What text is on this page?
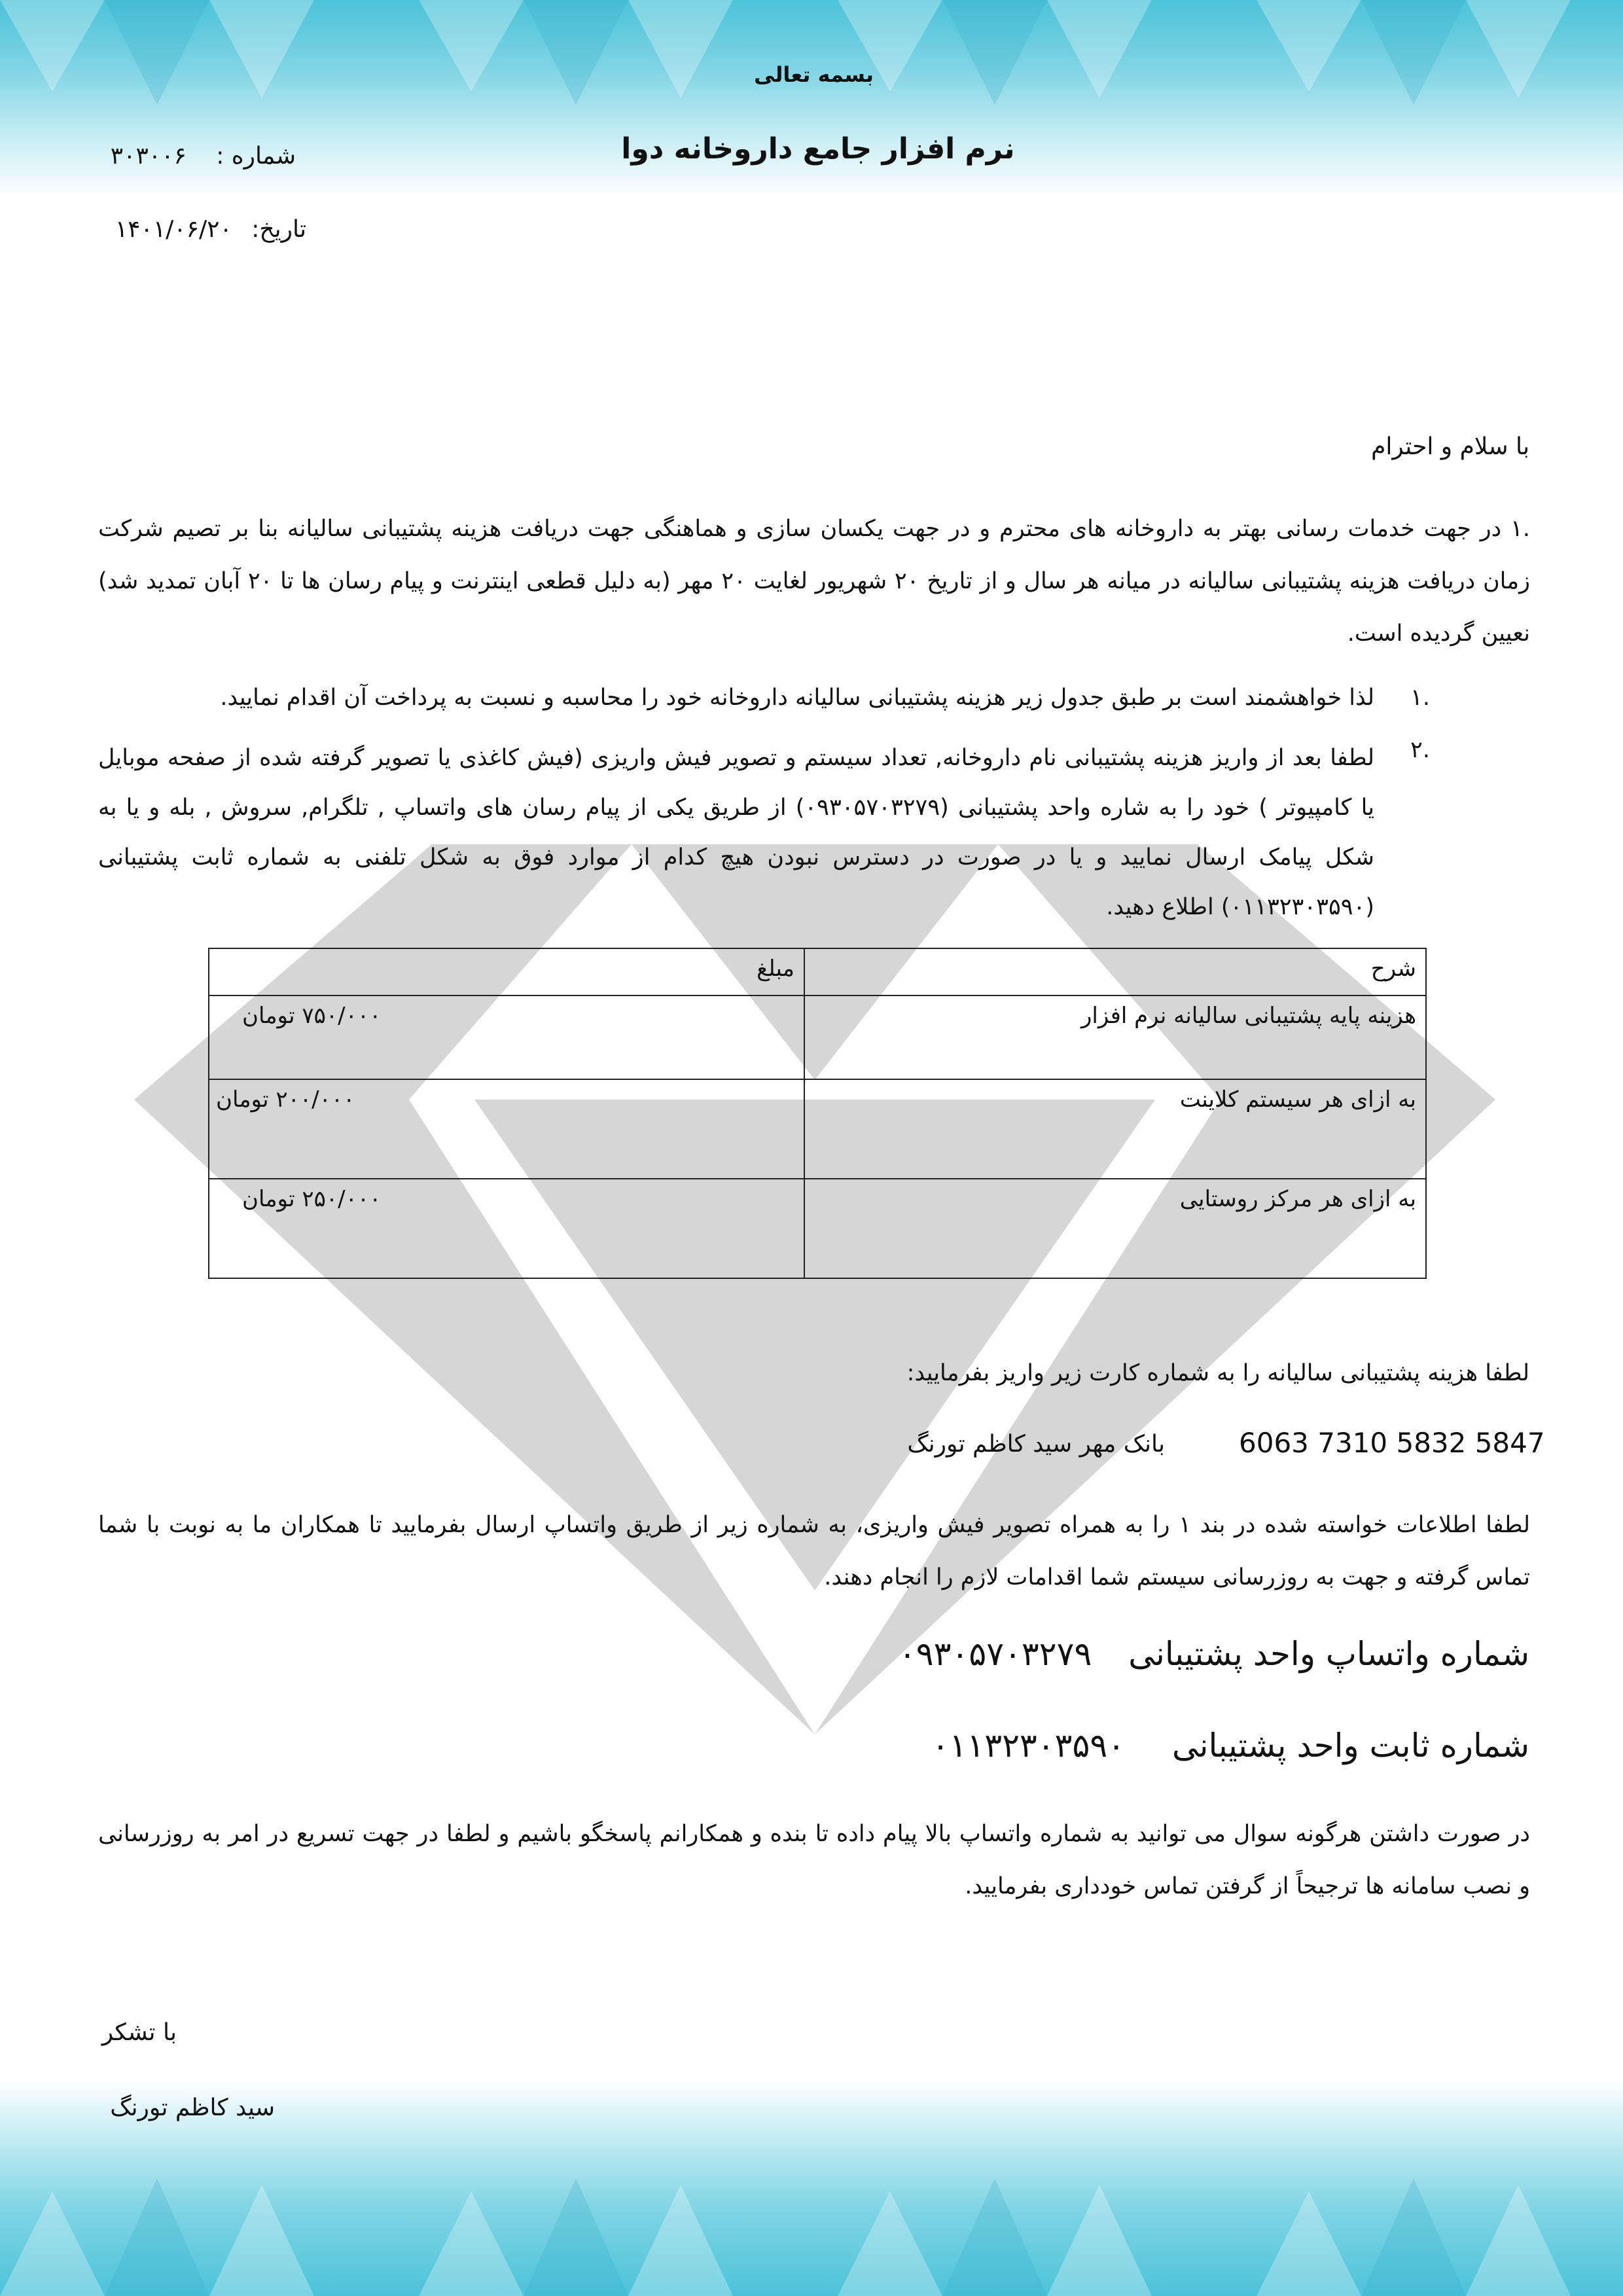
بسمه تعالی
نرم افزار جامع داروخانه دوا
شماره : ۳۰۳۰۰۶
تاریخ: ۱۴۰۱/۰۶/۲۰
با سلام و احترام
.۱ در جهت خدمات رسانی بهتر به داروخانه های محترم و در جهت یکسان سازی و هماهنگی جهت دریافت هزینه پشتیبانی سالیانه بنا بر تصیم شرکت زمان دریافت هزینه پشتیبانی سالیانه در میانه هر سال و از تاریخ ۲۰ شهریور لغایت ۲۰ مهر (به دلیل قطعی اینترنت و پیام رسان ها تا ۲۰ آبان تمدید شد) نعیین گردیده است.
.۱
لذا خواهشمند است بر طبق جدول زیر هزینه پشتیبانی سالیانه داروخانه خود را محاسبه و نسبت به پرداخت آن اقدام نمایید.
.۲
لطفا بعد از واریز هزینه پشتیبانی نام داروخانه, تعداد سیستم و تصویر فیش واریزی (فیش کاغذی یا تصویر گرفته شده از صفحه موبایل یا کامپیوتر ) خود را به شاره واحد پشتیبانی (۰۹۳۰۵۷۰۳۲۷۹) از طریق یکی از پیام رسان های واتساپ , تلگرام, سروش , بله و یا به شکل پیامک ارسال نمایید و یا در صورت در دسترس نبودن هیچ کدام از موارد فوق به شکل تلفنی به شماره ثابت پشتیبانی (۰۱۱۳۲۳۰۳۵۹۰) اطلاع دهید.
شرح	مبلغ
هزینه پایه پشتیبانی سالیانه نرم افزار	۷۵۰/۰۰۰ تومان
به ازای هر سیستم کلاینت	۲۰۰/۰۰۰ تومان
به ازای هر مرکز روستایی	۲۵۰/۰۰۰ تومان
لطفا هزینه پشتیبانی سالیانه را به شماره کارت زیر واریز بفرمایید:
بانک مهر سید کاظم تورنگ	6063 7310 5832 5847
لطفا اطلاعات خواسته شده در بند ۱ را به همراه تصویر فیش واریزی، به شماره زیر از طریق واتساپ ارسال بفرمایید تا همکاران ما به نوبت با شما تماس گرفته و جهت به روزرسانی سیستم شما اقدامات لازم را انجام دهند.
شماره واتساپ واحد پشتیبانی ۰۹۳۰۵۷۰۳۲۷۹
شماره ثابت واحد پشتیبانی ۰۱۱۳۲۳۰۳۵۹۰
در صورت داشتن هرگونه سوال می توانید به شماره واتساپ بالا پیام داده تا بنده و همکارانم پاسخگو باشیم و لطفا در جهت تسریع در امر به روزرسانی و نصب سامانه ها ترجیحاً از گرفتن تماس خودداری بفرمایید.
با تشکر
سید کاظم تورنگ
